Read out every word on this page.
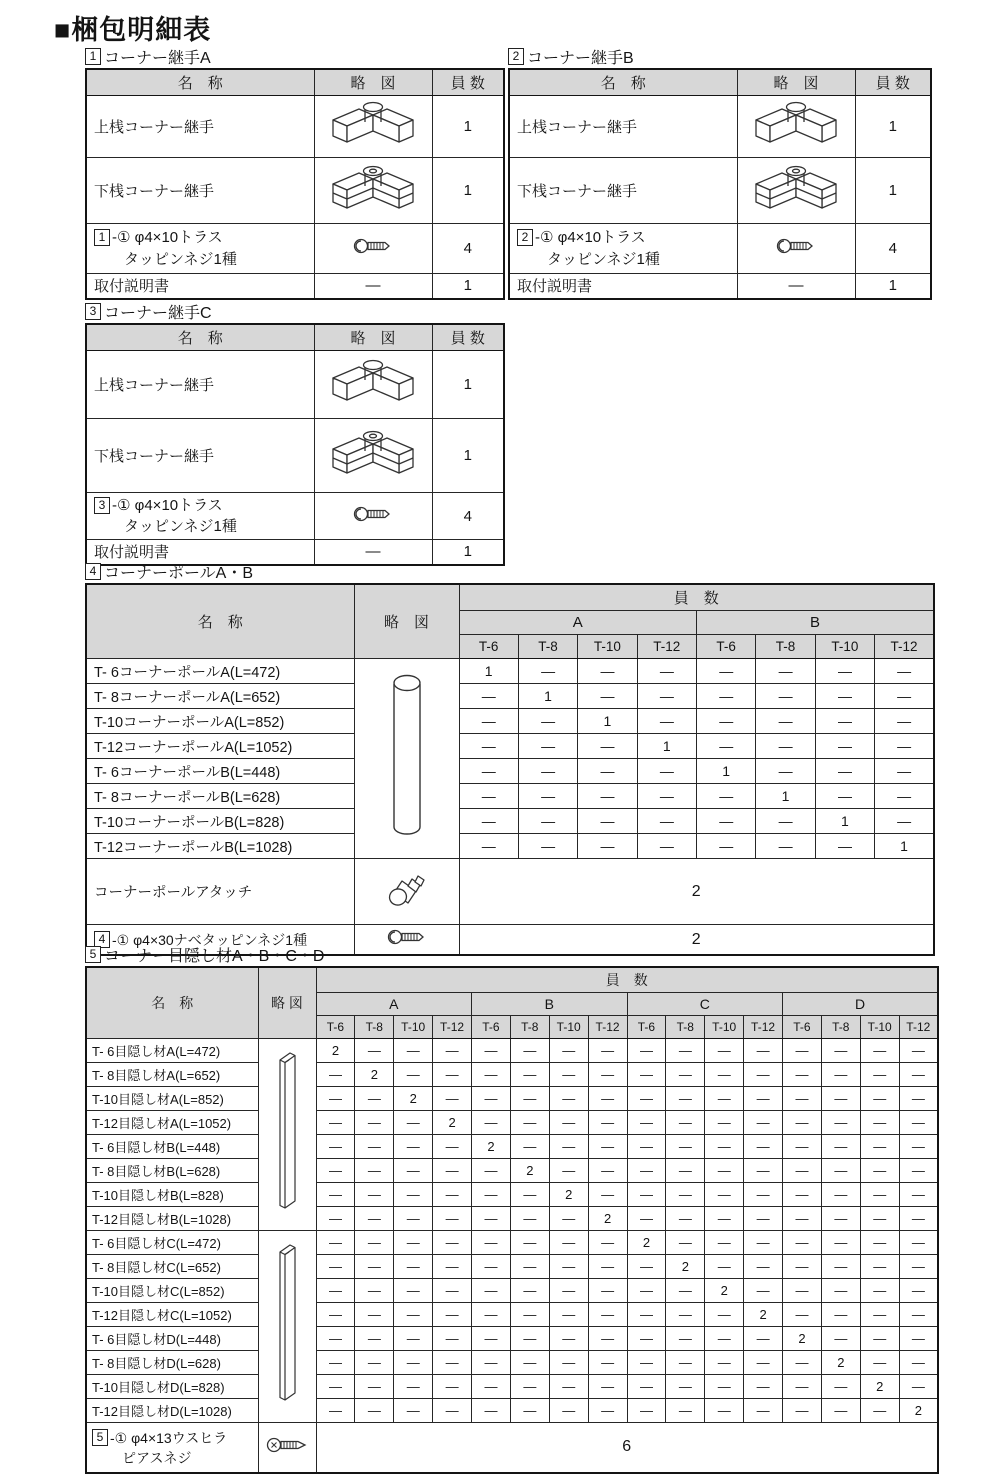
■梱包明細表
1 コーナー継手A
名　称	略　図	員 数
上桟コーナー継手		1
下桟コーナー継手		1

1 -① φ4×10トラス
タッピンネジ1種		4
取付説明書	—	1
2 コーナー継手B
名　称	略　図	員 数
上桟コーナー継手		1
下桟コーナー継手		1

2 -① φ4×10トラス
タッピンネジ1種		4
取付説明書	—	1
3 コーナー継手C
名　称	略　図	員 数
上桟コーナー継手		1
下桟コーナー継手		1

3 -① φ4×10トラス
タッピンネジ1種		4
取付説明書	—	1
4 コーナーポールA・B
名　称	略　図	員　数							
		A				B			
		T-6	T-8	T-10	T-12	T-6	T-8	T-10	T-12
T- 6コーナーポールA(L=472)		1	—	—	—	—	—	—	—
T- 8コーナーポールA(L=652)		—	1	—	—	—	—	—	—
T-10コーナーポールA(L=852)		—	—	1	—	—	—	—	—
T-12コーナーポールA(L=1052)		—	—	—	1	—	—	—	—
T- 6コーナーポールB(L=448)		—	—	—	—	1	—	—	—
T- 8コーナーポールB(L=628)		—	—	—	—	—	1	—	—
T-10コーナーポールB(L=828)		—	—	—	—	—	—	1	—
T-12コーナーポールB(L=1028)		—	—	—	—	—	—	—	1
コーナーポールアタッチ		2							

4 -① φ4×30ナベタッピンネジ1種		2							
5 コーナー目隠し材A・B・C・D
名　称	略 図	員　数															
		A				B				C				D			
		T-6	T-8	T-10	T-12	T-6	T-8	T-10	T-12	T-6	T-8	T-10	T-12	T-6	T-8	T-10	T-12
T- 6目隠し材A(L=472)		2	—	—	—	—	—	—	—	—	—	—	—	—	—	—	—
T- 8目隠し材A(L=652)		—	2	—	—	—	—	—	—	—	—	—	—	—	—	—	—
T-10目隠し材A(L=852)		—	—	2	—	—	—	—	—	—	—	—	—	—	—	—	—
T-12目隠し材A(L=1052)		—	—	—	2	—	—	—	—	—	—	—	—	—	—	—	—
T- 6目隠し材B(L=448)		—	—	—	—	2	—	—	—	—	—	—	—	—	—	—	—
T- 8目隠し材B(L=628)		—	—	—	—	—	2	—	—	—	—	—	—	—	—	—	—
T-10目隠し材B(L=828)		—	—	—	—	—	—	2	—	—	—	—	—	—	—	—	—
T-12目隠し材B(L=1028)		—	—	—	—	—	—	—	2	—	—	—	—	—	—	—	—
T- 6目隠し材C(L=472)		—	—	—	—	—	—	—	—	2	—	—	—	—	—	—	—
T- 8目隠し材C(L=652)		—	—	—	—	—	—	—	—	—	2	—	—	—	—	—	—
T-10目隠し材C(L=852)		—	—	—	—	—	—	—	—	—	—	2	—	—	—	—	—
T-12目隠し材C(L=1052)		—	—	—	—	—	—	—	—	—	—	—	2	—	—	—	—
T- 6目隠し材D(L=448)		—	—	—	—	—	—	—	—	—	—	—	—	2	—	—	—
T- 8目隠し材D(L=628)		—	—	—	—	—	—	—	—	—	—	—	—	—	2	—	—
T-10目隠し材D(L=828)		—	—	—	—	—	—	—	—	—	—	—	—	—	—	2	—
T-12目隠し材D(L=1028)		—	—	—	—	—	—	—	—	—	—	—	—	—	—	—	2

5 -① φ4×13ウスヒラ
ピアスネジ		6															
